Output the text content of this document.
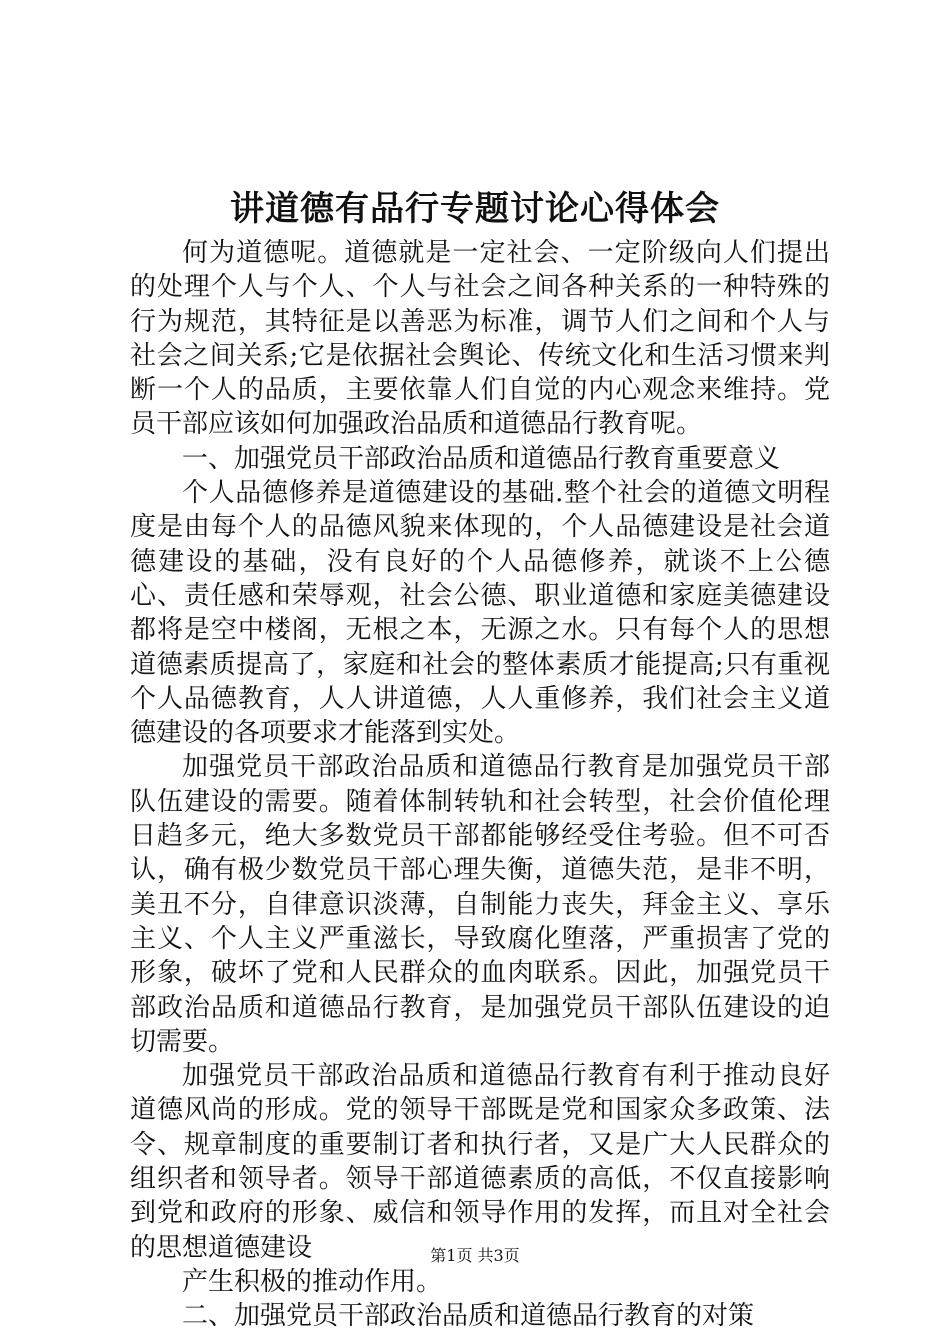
讲道德有品行专题讨论心得体会

何为道德呢。道德就是一定社会、一定阶级向人们提出的处理个人与个人、个人与社会之间各种关系的一种特殊的行为规范，其特征是以善恶为标准，调节人们之间和个人与社会之间关系;它是依据社会舆论、传统文化和生活习惯来判断一个人的品质，主要依靠人们自觉的内心观念来维持。党员干部应该如何加强政治品质和道德品行教育呢。

一、加强党员干部政治品质和道德品行教育重要意义

个人品德修养是道德建设的基础.整个社会的道德文明程度是由每个人的品德风貌来体现的，个人品德建设是社会道德建设的基础，没有良好的个人品德修养，就谈不上公德心、责任感和荣辱观，社会公德、职业道德和家庭美德建设都将是空中楼阁，无根之本，无源之水。只有每个人的思想道德素质提高了，家庭和社会的整体素质才能提高;只有重视个人品德教育，人人讲道德，人人重修养，我们社会主义道德建设的各项要求才能落到实处。

加强党员干部政治品质和道德品行教育是加强党员干部队伍建设的需要。随着体制转轨和社会转型，社会价值伦理日趋多元，绝大多数党员干部都能够经受住考验。但不可否认，确有极少数党员干部心理失衡，道德失范，是非不明，美丑不分，自律意识淡薄，自制能力丧失，拜金主义、享乐主义、个人主义严重滋长，导致腐化堕落，严重损害了党的形象，破坏了党和人民群众的血肉联系。因此，加强党员干部政治品质和道德品行教育，是加强党员干部队伍建设的迫切需要。

加强党员干部政治品质和道德品行教育有利于推动良好道德风尚的形成。党的领导干部既是党和国家众多政策、法令、规章制度的重要制订者和执行者，又是广大人民群众的组织者和领导者。领导干部道德素质的高低，不仅直接影响到党和政府的形象、威信和领导作用的发挥，而且对全社会的思想道德建设

产生积极的推动作用。

二、加强党员干部政治品质和道德品行教育的对策

第1页 共3页
